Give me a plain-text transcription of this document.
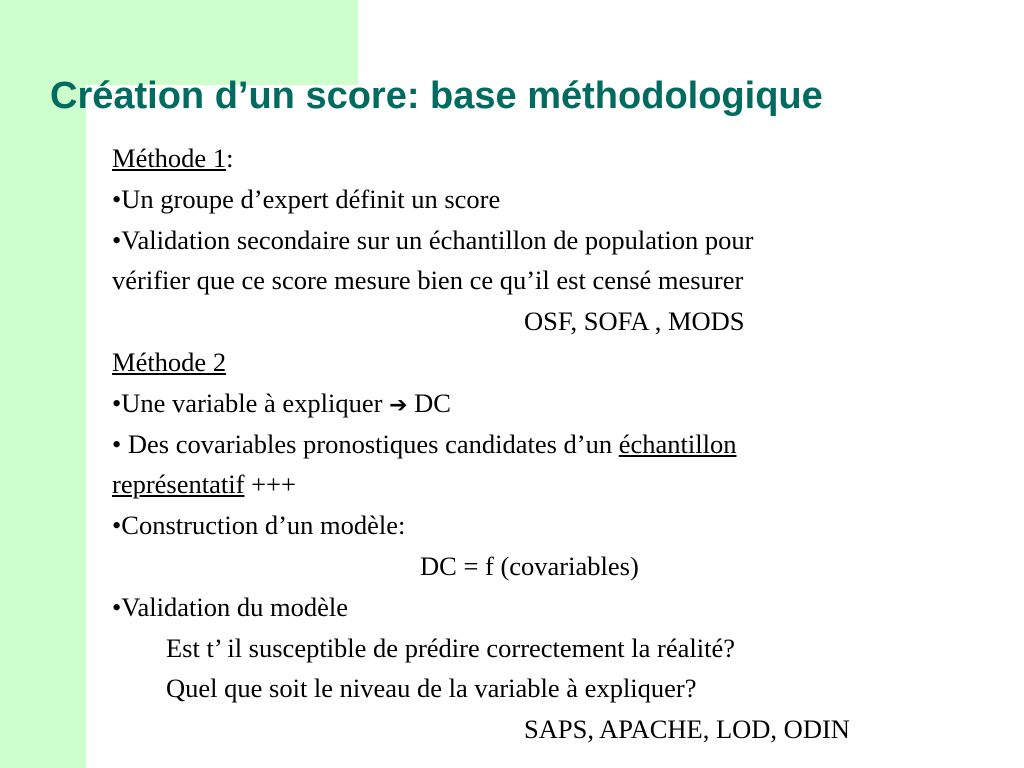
Création d’un score: base méthodologique
Méthode 1:
•Un groupe d’expert définit un score
•Validation secondaire sur un échantillon de population pour
vérifier que ce score mesure bien ce qu’il est censé mesurer
OSF, SOFA , MODS
Méthode 2
•Une variable à expliquer ➔ DC
• Des covariables pronostiques candidates d’un échantillon
représentatif +++
•Construction d’un modèle:
DC = f (covariables)
•Validation du modèle
Est t’ il susceptible de prédire correctement la réalité?
Quel que soit le niveau de la variable à expliquer?
SAPS, APACHE, LOD, ODIN
